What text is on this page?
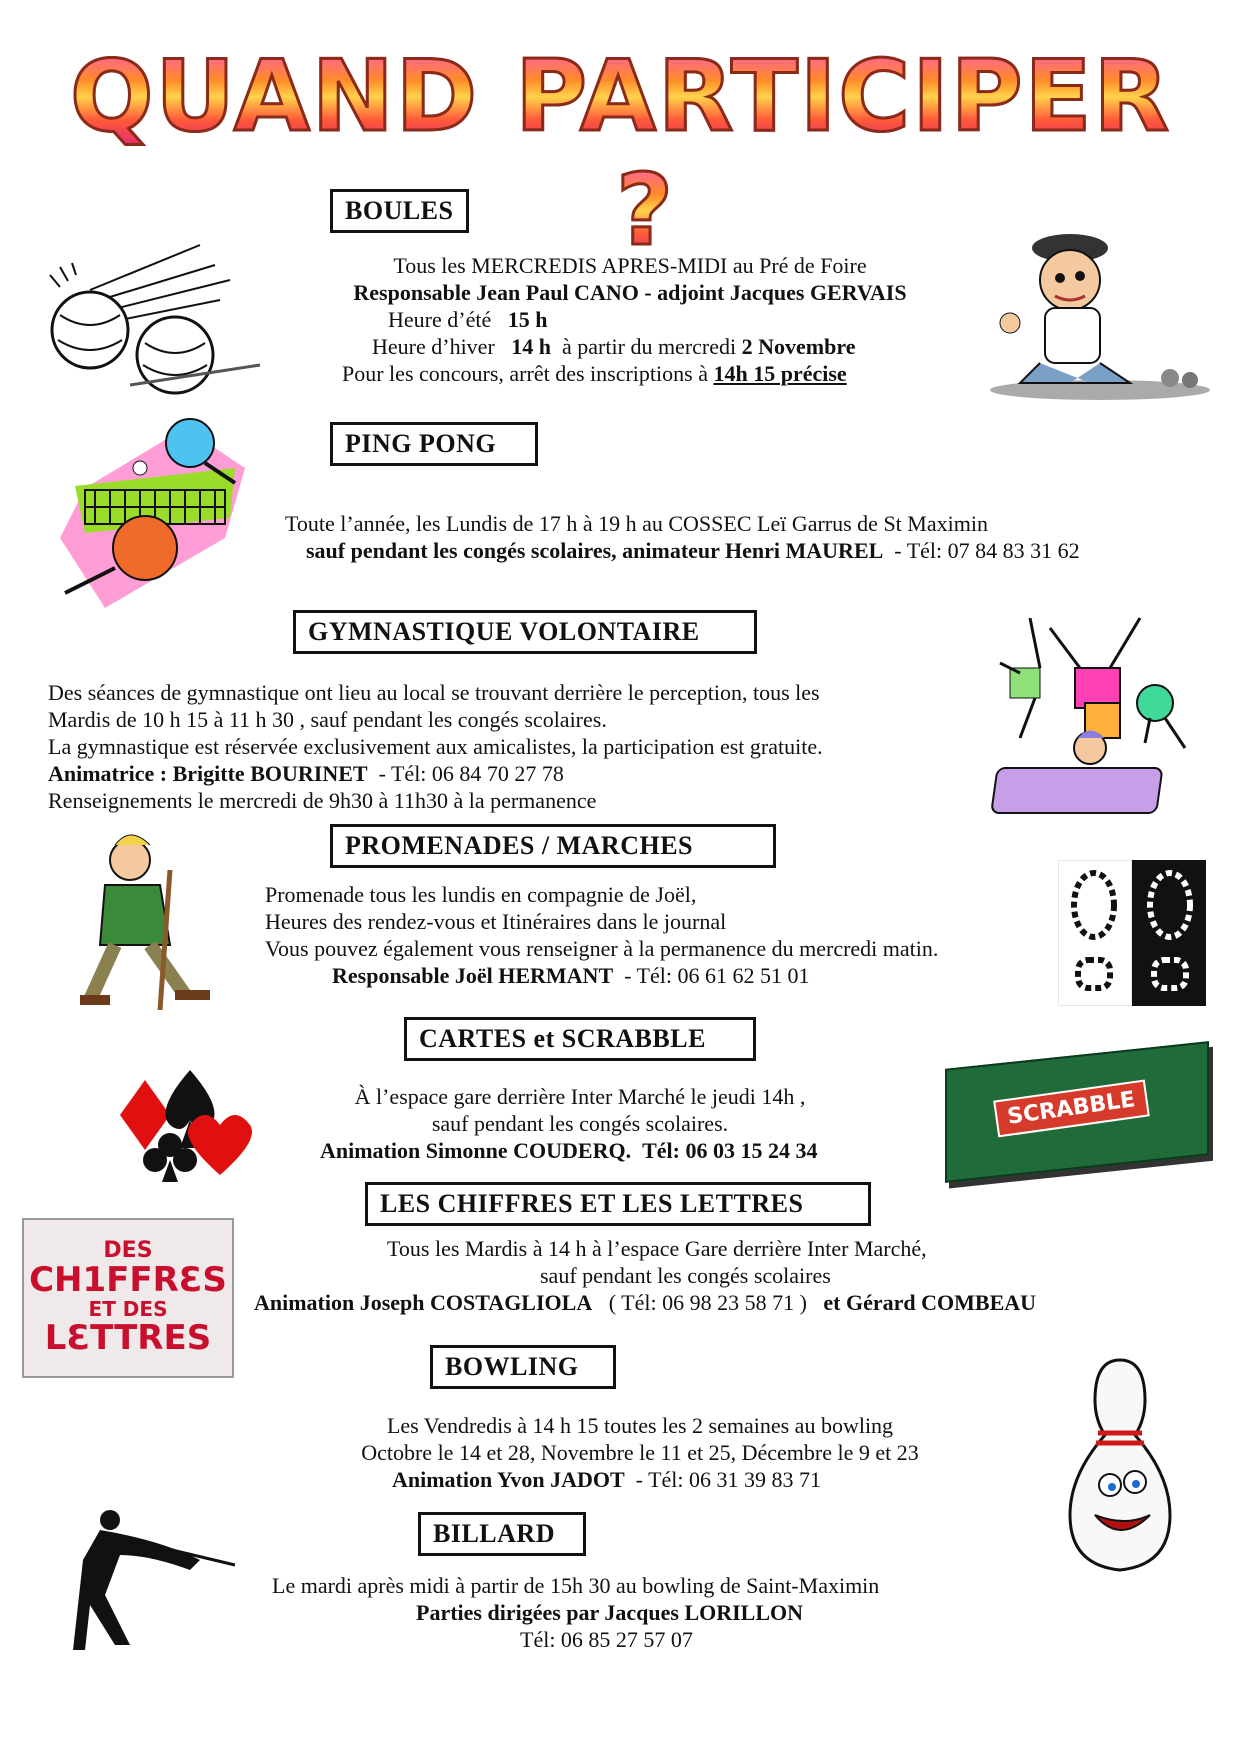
QUAND PARTICIPER ?
BOULES
Tous les MERCREDIS APRES-MIDI au Pré de Foire
Responsable Jean Paul CANO - adjoint Jacques GERVAIS
Heure d’été 15 h
Heure d’hiver 14 h à partir du mercredi 2 Novembre
Pour les concours, arrêt des inscriptions à 14h 15 précise
PING PONG
Toute l’année, les Lundis de 17 h à 19 h au COSSEC Leï Garrus de St Maximin
sauf pendant les congés scolaires, animateur Henri MAUREL - Tél: 07 84 83 31 62
GYMNASTIQUE VOLONTAIRE
Des séances de gymnastique ont lieu au local se trouvant derrière le perception, tous les
Mardis de 10 h 15 à 11 h 30 , sauf pendant les congés scolaires.
La gymnastique est réservée exclusivement aux amicalistes, la participation est gratuite.
Animatrice : Brigitte BOURINET - Tél: 06 84 70 27 78
Renseignements le mercredi de 9h30 à 11h30 à la permanence
PROMENADES / MARCHES
Promenade tous les lundis en compagnie de Joël,
Heures des rendez-vous et Itinéraires dans le journal
Vous pouvez également vous renseigner à la permanence du mercredi matin.
Responsable Joël HERMANT - Tél: 06 61 62 51 01
CARTES et SCRABBLE
À l’espace gare derrière Inter Marché le jeudi 14h ,
sauf pendant les congés scolaires.
Animation Simonne COUDERQ. Tél: 06 03 15 24 34
SCRABBLE
LES CHIFFRES ET LES LETTRES
DES
CH1FFRƐS
ET DES
LƐTTRES
Tous les Mardis à 14 h à l’espace Gare derrière Inter Marché,
sauf pendant les congés scolaires
Animation Joseph COSTAGLIOLA ( Tél: 06 98 23 58 71 ) et Gérard COMBEAU
BOWLING
Les Vendredis à 14 h 15 toutes les 2 semaines au bowling
Octobre le 14 et 28, Novembre le 11 et 25, Décembre le 9 et 23
Animation Yvon JADOT - Tél: 06 31 39 83 71
BILLARD
Le mardi après midi à partir de 15h 30 au bowling de Saint-Maximin
Parties dirigées par Jacques LORILLON
Tél: 06 85 27 57 07
